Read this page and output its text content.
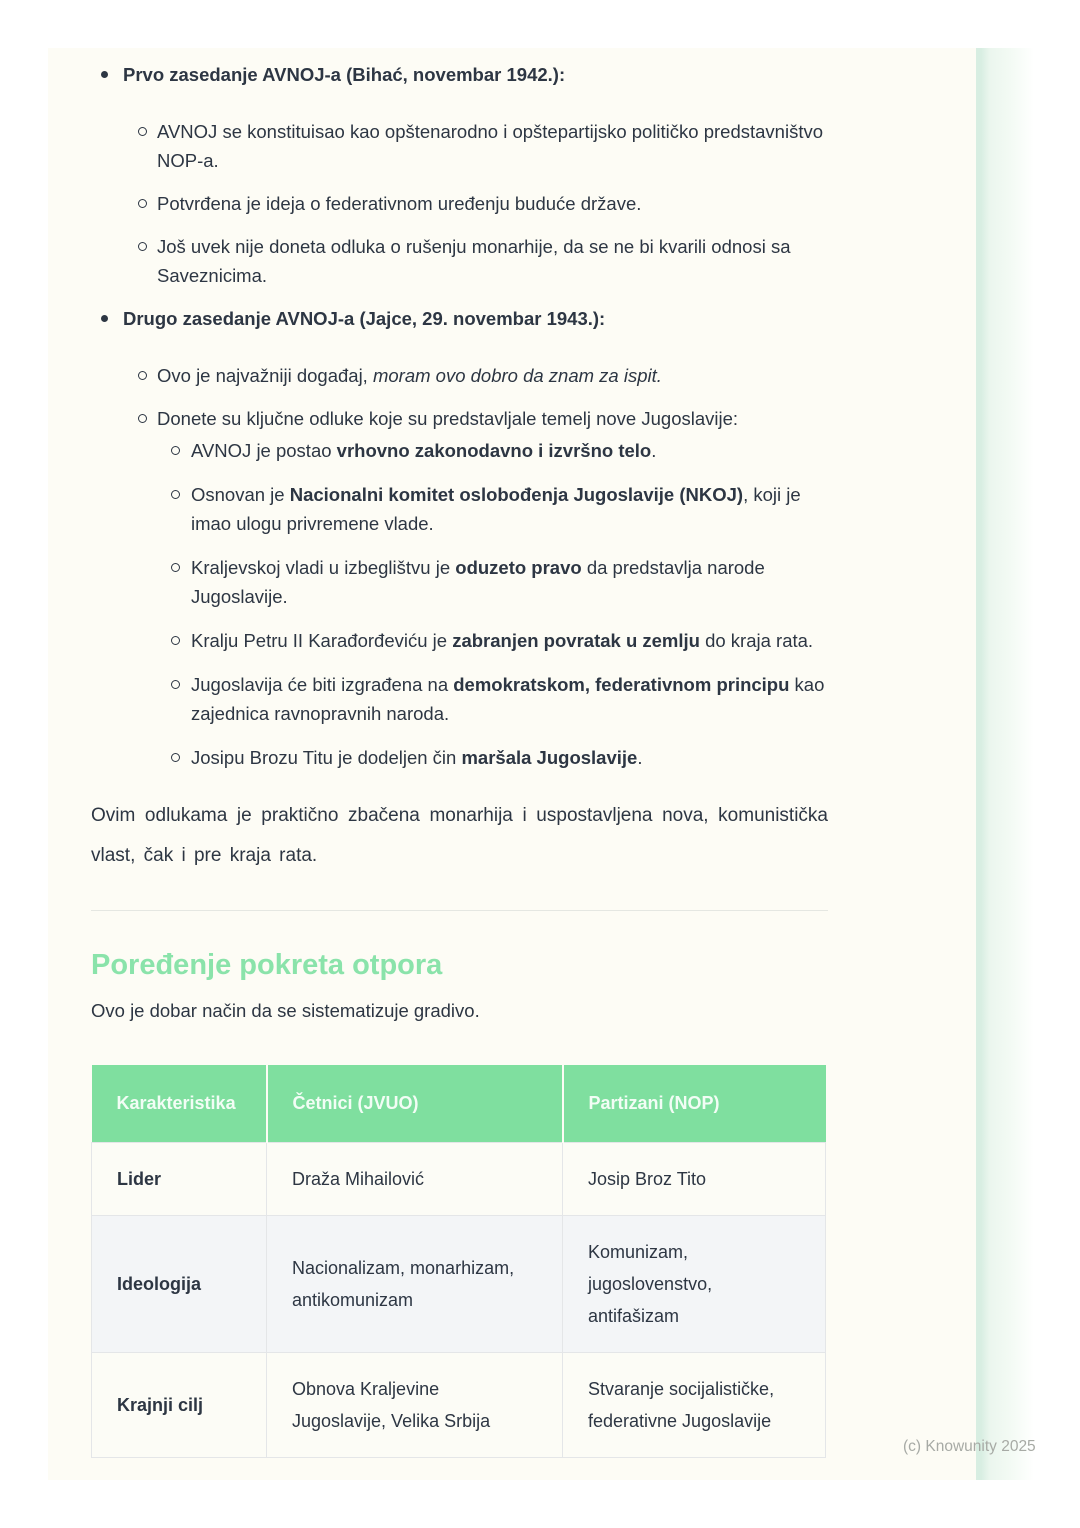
Prvo zasedanje AVNOJ-a (Bihać, novembar 1942.):
AVNOJ se konstituisao kao opštenarodno i opštepartijsko političko predstavništvo NOP-a.
Potvrđena je ideja o federativnom uređenju buduće države.
Još uvek nije doneta odluka o rušenju monarhije, da se ne bi kvarili odnosi sa Saveznicima.
Drugo zasedanje AVNOJ-a (Jajce, 29. novembar 1943.):
Ovo je najvažniji događaj, moram ovo dobro da znam za ispit.
Donete su ključne odluke koje su predstavljale temelj nove Jugoslavije:
AVNOJ je postao vrhovno zakonodavno i izvršno telo.
Osnovan je Nacionalni komitet oslobođenja Jugoslavije (NKOJ), koji je imao ulogu privremene vlade.
Kraljevskoj vladi u izbeglištvu je oduzeto pravo da predstavlja narode Jugoslavije.
Kralju Petru II Karađorđeviću je zabranjen povratak u zemlju do kraja rata.
Jugoslavija će biti izgrađena na demokratskom, federativnom principu kao zajednica ravnopravnih naroda.
Josipu Brozu Titu je dodeljen čin maršala Jugoslavije.

Ovim odlukama je praktično zbačena monarhija i uspostavljena nova, komunistička vlast, čak i pre kraja rata.

Poređenje pokreta otpora

Ovo je dobar način da se sistematizuje gradivo.

Karakteristika	Četnici (JVUO)	Partizani (NOP)
Lider	Draža Mihailović	Josip Broz Tito
Ideologija	Nacionalizam, monarhizam, antikomunizam	Komunizam, jugoslovenstvo, antifašizam
Krajnji cilj	Obnova Kraljevine Jugoslavije, Velika Srbija	Stvaranje socijalističke, federativne Jugoslavije
(c) Knowunity 2025
